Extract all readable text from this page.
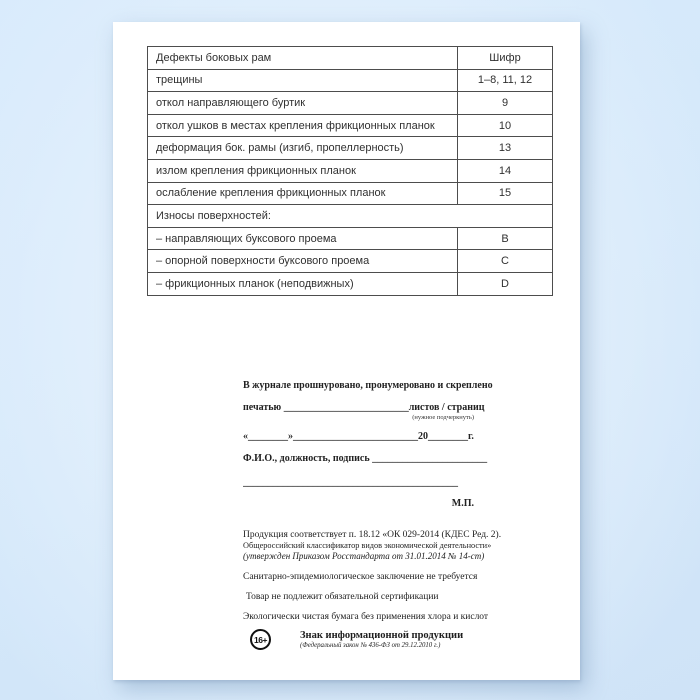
Дефекты боковых рам	Шифр
трещины	1–8, 11, 12
откол направляющего буртик	9
откол ушков в местах крепления фрикционных планок	10
деформация бок. рамы (изгиб, пропеллерность)	13
излом крепления фрикционных планок	14
ослабление крепления фрикционных планок	15
Износы поверхностей:
– направляющих буксового проема	B
– опорной поверхности буксового проема	C
– фрикционных планок (неподвижных)	D
В журнале прошнуровано, пронумеровано и скреплено
печатью _________________________листов / страниц
(нужное подчеркнуть)
«________»_________________________20________г.
Ф.И.О., должность, подпись _______________________
___________________________________________
М.П.
Продукция соответствует п. 18.12 «ОК 029-2014 (КДЕС Ред. 2).
Общероссийский классификатор видов экономической деятельности»
(утвержден Приказом Росстандарта от 31.01.2014 № 14-ст)
Санитарно-эпидемиологическое заключение не требуется
Товар не подлежит обязательной сертификации
Экологически чистая бумага без применения хлора и кислот
16+	Знак информационной продукции
(Федеральный закон № 436-ФЗ от 29.12.2010 г.)
